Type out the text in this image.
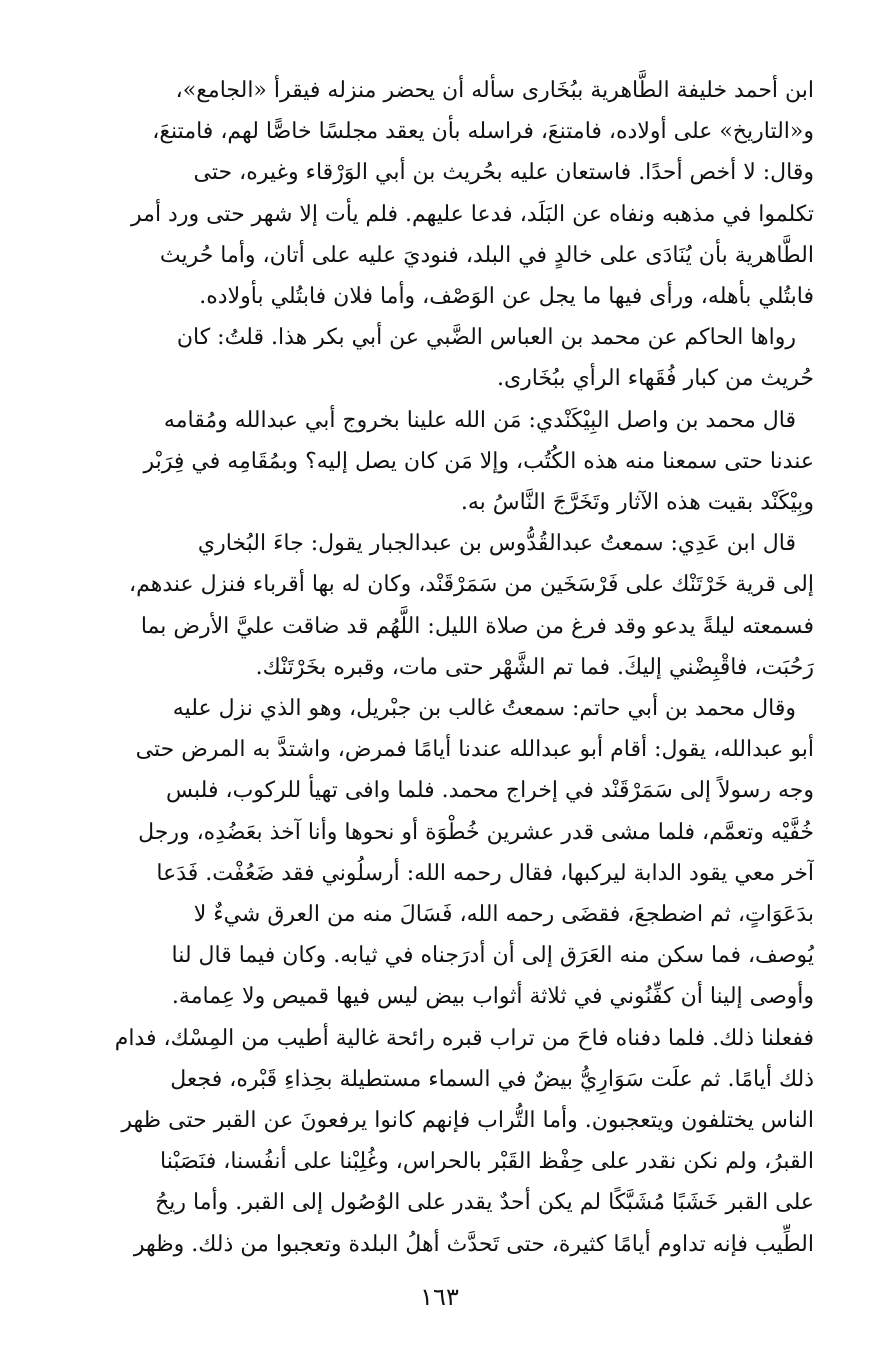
ابن أحمد خليفة الطَّاهرية ببُخَارى سأله أن يحضر منزله فيقرأ «الجامع»،
و«التاريخ» على أولاده، فامتنعَ، فراسله بأن يعقد مجلسًا خاصًّا لهم، فامتنعَ،
وقال: لا أخص أحدًا. فاستعان عليه بحُريث بن أبي الوَرْقاء وغيره، حتى
تكلموا في مذهبه ونفاه عن البَلَد، فدعا عليهم. فلم يأت إلا شهر حتى ورد أمر
الطَّاهرية بأن يُنَادَى على خالدٍ في البلد، فنوديَ عليه على أتان، وأما حُريث
فابتُلي بأهله، ورأى فيها ما يجل عن الوَصْف، وأما فلان فابتُلي بأولاده.

رواها الحاكم عن محمد بن العباس الضَّبي عن أبي بكر هذا. قلتُ: كان
حُريث من كبار فُقَهاء الرأي ببُخَارى.

قال محمد بن واصل البِيْكَنْدي: مَن الله علينا بخروج أبي عبدالله ومُقامه
عندنا حتى سمعنا منه هذه الكُتُب، وإلا مَن كان يصل إليه؟ وبمُقَامِه في فِرَبْر
وبِيْكَنْد بقيت هذه الآثار وتَخَرَّجَ النَّاسُ به.

قال ابن عَدِي: سمعتُ عبدالقُدُّوس بن عبدالجبار يقول: جاءَ البُخاري
إلى قرية خَرْتَنْك على فَرْسَخَين من سَمَرْقَنْد، وكان له بها أقرباء فنزل عندهم،
فسمعته ليلةً يدعو وقد فرغ من صلاة الليل: اللَّهُم قد ضاقت عليَّ الأرض بما
رَحُبَت، فاقْبِضْني إليكَ. فما تم الشَّهْر حتى مات، وقبره بخَرْتَنْك.

وقال محمد بن أبي حاتم: سمعتُ غالب بن جبْريل، وهو الذي نزل عليه
أبو عبدالله، يقول: أقام أبو عبدالله عندنا أيامًا فمرض، واشتدَّ به المرض حتى
وجه رسولاً إلى سَمَرْقَنْد في إخراج محمد. فلما وافى تهيأ للركوب، فلبس
خُفَّيْه وتعمَّم، فلما مشى قدر عشرين خُطْوَة أو نحوها وأنا آخذ بعَضُدِه، ورجل
آخر معي يقود الدابة ليركبها، فقال رحمه الله: أرسلُوني فقد ضَعُفْت. فَدَعا
بدَعَوَاتٍ، ثم اضطجعَ، فقضَى رحمه الله، فَسَالَ منه من العرق شيءٌ لا
يُوصف، فما سكن منه العَرَق إلى أن أدرَجناه في ثيابه. وكان فيما قال لنا
وأوصى إلينا أن كفِّنُوني في ثلاثة أثواب بيض ليس فيها قميص ولا عِمامة.
ففعلنا ذلك. فلما دفناه فاحَ من تراب قبره رائحة غالية أطيب من المِسْك، فدام
ذلك أيامًا. ثم علَت سَوَارِيُّ بيضٌ في السماء مستطيلة بحِذاءِ قَبْره، فجعل
الناس يختلفون ويتعجبون. وأما التُّراب فإنهم كانوا يرفعونَ عن القبر حتى ظهر
القبرُ، ولم نكن نقدر على حِفْظ القَبْر بالحراس، وغُلِبْنا على أنفُسنا، فنَصَبْنا
على القبر خَشَبًا مُشَبَّكًا لم يكن أحدٌ يقدر على الوُصُول إلى القبر. وأما ريحُ
الطِّيب فإنه تداوم أيامًا كثيرة، حتى تَحدَّث أهلُ البلدة وتعجبوا من ذلك. وظهر

١٦٣
